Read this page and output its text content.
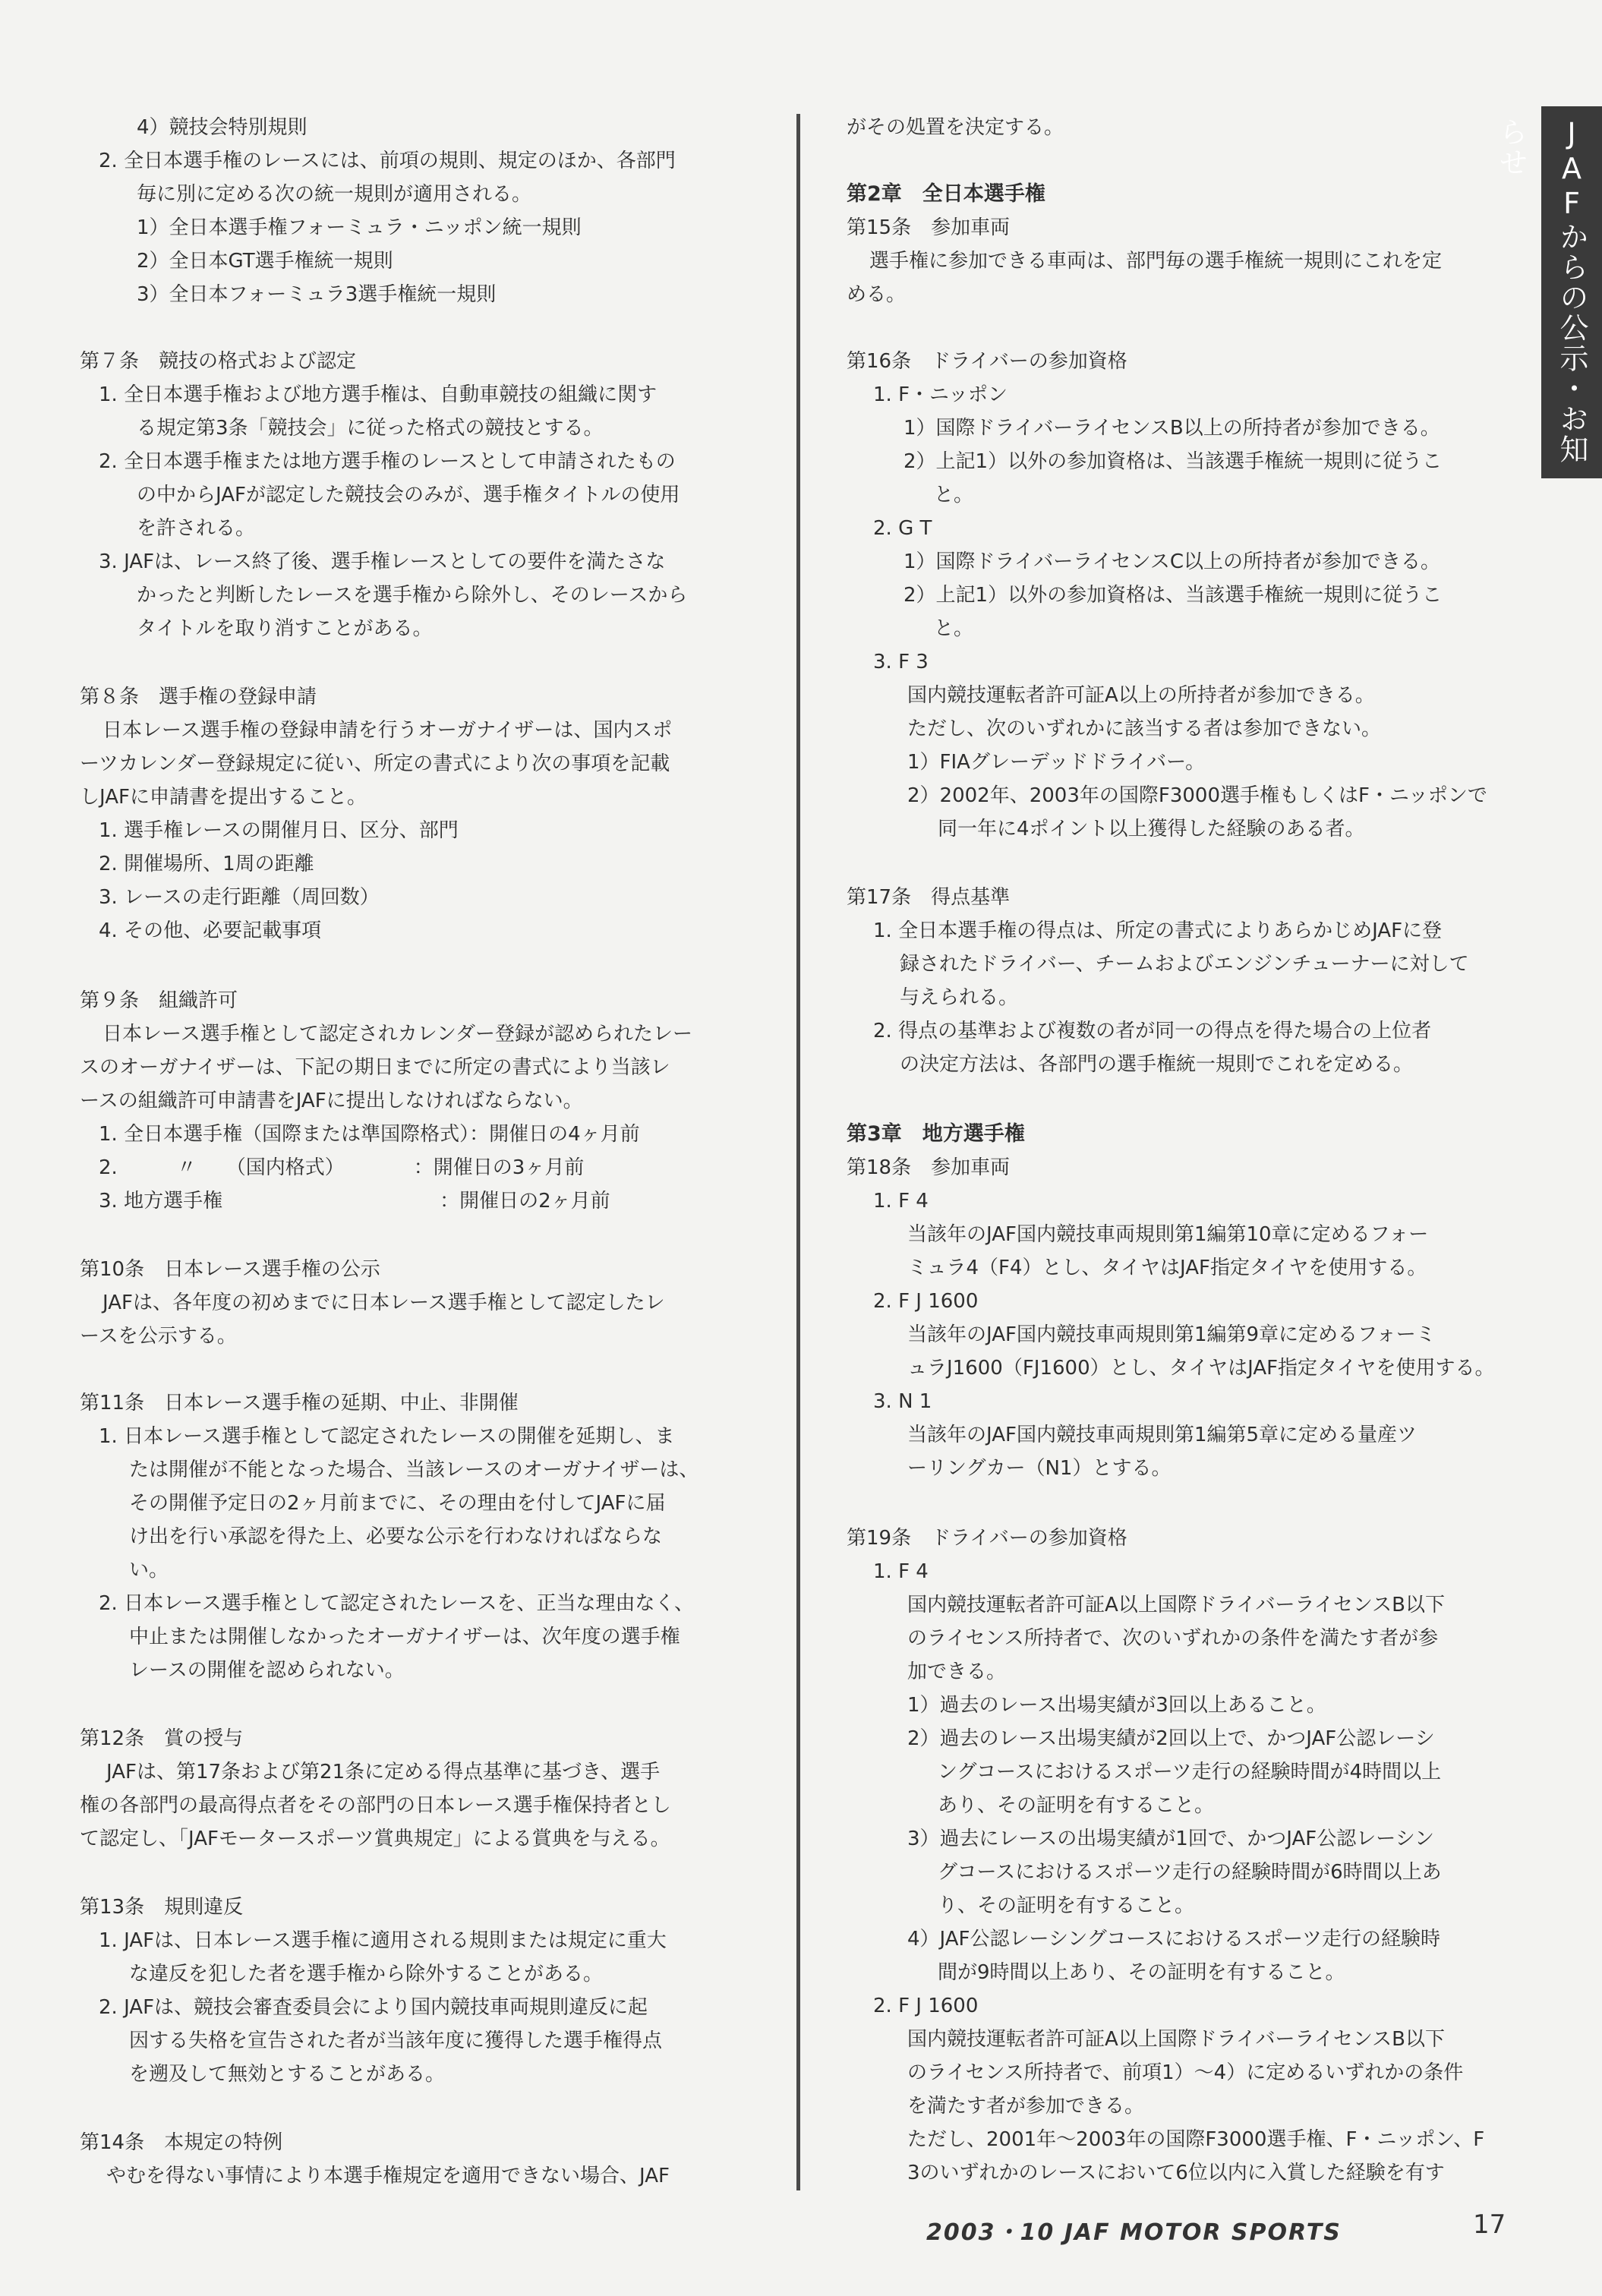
JAFからの公示・お知らせ
4）競技会特別規則
2. 全日本選手権のレースには、前項の規則、規定のほか、各部門
毎に別に定める次の統一規則が適用される。
1）全日本選手権フォーミュラ・ニッポン統一規則
2）全日本GT選手権統一規則
3）全日本フォーミュラ3選手権統一規則
第７条　競技の格式および認定
1. 全日本選手権および地方選手権は、自動車競技の組織に関す
る規定第3条「競技会」に従った格式の競技とする。
2. 全日本選手権または地方選手権のレースとして申請されたもの
の中からJAFが認定した競技会のみが、選手権タイトルの使用
を許される。
3. JAFは、レース終了後、選手権レースとしての要件を満たさな
かったと判断したレースを選手権から除外し、そのレースから
タイトルを取り消すことがある。
第８条　選手権の登録申請
日本レース選手権の登録申請を行うオーガナイザーは、国内スポ
ーツカレンダー登録規定に従い、所定の書式により次の事項を記載
しJAFに申請書を提出すること。
1. 選手権レースの開催月日、区分、部門
2. 開催場所、1周の距離
3. レースの走行距離（周回数）
4. その他、必要記載事項
第９条　組織許可
日本レース選手権として認定されカレンダー登録が認められたレー
スのオーガナイザーは、下記の期日までに所定の書式により当該レ
ースの組織許可申請書をJAFに提出しなければならない。
1. 全日本選手権（国際または準国際格式）：開催日の4ヶ月前
2.　　　〃　　（国内格式）　　　　：開催日の3ヶ月前
3. 地方選手権　　　　　　　　　　　：開催日の2ヶ月前
第10条　日本レース選手権の公示
JAFは、各年度の初めまでに日本レース選手権として認定したレ
ースを公示する。
第11条　日本レース選手権の延期、中止、非開催
1. 日本レース選手権として認定されたレースの開催を延期し、ま
たは開催が不能となった場合、当該レースのオーガナイザーは、
その開催予定日の2ヶ月前までに、その理由を付してJAFに届
け出を行い承認を得た上、必要な公示を行わなければならな
い。
2. 日本レース選手権として認定されたレースを、正当な理由なく、
中止または開催しなかったオーガナイザーは、次年度の選手権
レースの開催を認められない。
第12条　賞の授与
JAFは、第17条および第21条に定める得点基準に基づき、選手
権の各部門の最高得点者をその部門の日本レース選手権保持者とし
て認定し、「JAFモータースポーツ賞典規定」による賞典を与える。
第13条　規則違反
1. JAFは、日本レース選手権に適用される規則または規定に重大
な違反を犯した者を選手権から除外することがある。
2. JAFは、競技会審査委員会により国内競技車両規則違反に起
因する失格を宣告された者が当該年度に獲得した選手権得点
を遡及して無効とすることがある。
第14条　本規定の特例
やむを得ない事情により本選手権規定を適用できない場合、JAF
がその処置を決定する。
第2章　全日本選手権
第15条　参加車両
選手権に参加できる車両は、部門毎の選手権統一規則にこれを定
める。
第16条　ドライバーの参加資格
1. F・ニッポン
1）国際ドライバーライセンスB以上の所持者が参加できる。
2）上記1）以外の参加資格は、当該選手権統一規則に従うこ
と。
2. G T
1）国際ドライバーライセンスC以上の所持者が参加できる。
2）上記1）以外の参加資格は、当該選手権統一規則に従うこ
と。
3. F 3
国内競技運転者許可証A以上の所持者が参加できる。
ただし、次のいずれかに該当する者は参加できない。
1）FIAグレーデッドドライバー。
2）2002年、2003年の国際F3000選手権もしくはF・ニッポンで
同一年に4ポイント以上獲得した経験のある者。
第17条　得点基準
1. 全日本選手権の得点は、所定の書式によりあらかじめJAFに登
録されたドライバー、チームおよびエンジンチューナーに対して
与えられる。
2. 得点の基準および複数の者が同一の得点を得た場合の上位者
の決定方法は、各部門の選手権統一規則でこれを定める。
第3章　地方選手権
第18条　参加車両
1. F 4
当該年のJAF国内競技車両規則第1編第10章に定めるフォー
ミュラ4（F4）とし、タイヤはJAF指定タイヤを使用する。
2. F J 1600
当該年のJAF国内競技車両規則第1編第9章に定めるフォーミ
ュラJ1600（FJ1600）とし、タイヤはJAF指定タイヤを使用する。
3. N 1
当該年のJAF国内競技車両規則第1編第5章に定める量産ツ
ーリングカー（N1）とする。
第19条　ドライバーの参加資格
1. F 4
国内競技運転者許可証A以上国際ドライバーライセンスB以下
のライセンス所持者で、次のいずれかの条件を満たす者が参
加できる。
1）過去のレース出場実績が3回以上あること。
2）過去のレース出場実績が2回以上で、かつJAF公認レーシ
ングコースにおけるスポーツ走行の経験時間が4時間以上
あり、その証明を有すること。
3）過去にレースの出場実績が1回で、かつJAF公認レーシン
グコースにおけるスポーツ走行の経験時間が6時間以上あ
り、その証明を有すること。
4）JAF公認レーシングコースにおけるスポーツ走行の経験時
間が9時間以上あり、その証明を有すること。
2. F J 1600
国内競技運転者許可証A以上国際ドライバーライセンスB以下
のライセンス所持者で、前項1）～4）に定めるいずれかの条件
を満たす者が参加できる。
ただし、2001年～2003年の国際F3000選手権、F・ニッポン、F
3のいずれかのレースにおいて6位以内に入賞した経験を有す
2003・10 JAF MOTOR SPORTS	17
